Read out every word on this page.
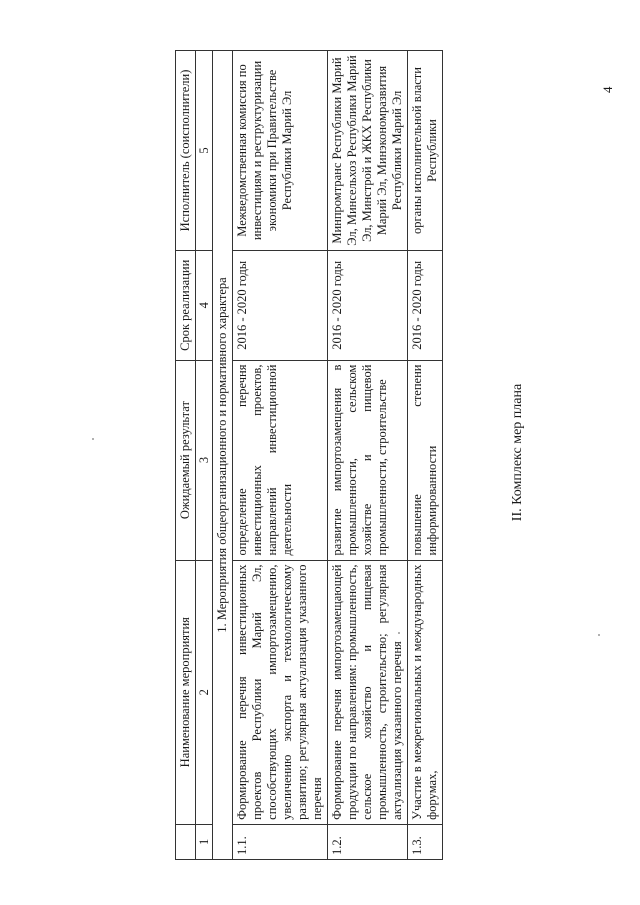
4
II. Комплекс мер плана
	Наименование мероприятия	Ожидаемый результат	Срок реализации	Исполнитель (соисполнители)
1	2	3	4	5
1. Мероприятия общеорганизационного и нормативного характера				
1.1.	Формирование перечня инвестиционных проектов Республики Марий Эл, способствующих импортозамещению, увеличению экспорта и технологическому развитию; регулярная актуализация указанного перечня	определение перечня инвестиционных проектов, направлений инвестиционной деятельности	2016 - 2020 годы	Межведомственная комиссия по инвестициям и реструктуризации экономики при Правительстве Республики Марий Эл
1.2.	Формирование перечня импортозамещающей продукции по направлениям: промышленность, сельское хозяйство и пищевая промышленность, строительство; регулярная актуализация указанного перечня	развитие импортозамещения в промышленности, сельском хозяйстве и пищевой промышленности, строительстве	2016 - 2020 годы	Минпромтранс Республики Марий Эл, Минсельхоз Республики Марий Эл, Минстрой и ЖКХ Республики Марий Эл, Минэкономразвития Республики Марий Эл
1.3.	Участие в межрегиональных и международных форумах,	повышение степени информированности	2016 - 2020 годы	органы исполнительной власти Республики
